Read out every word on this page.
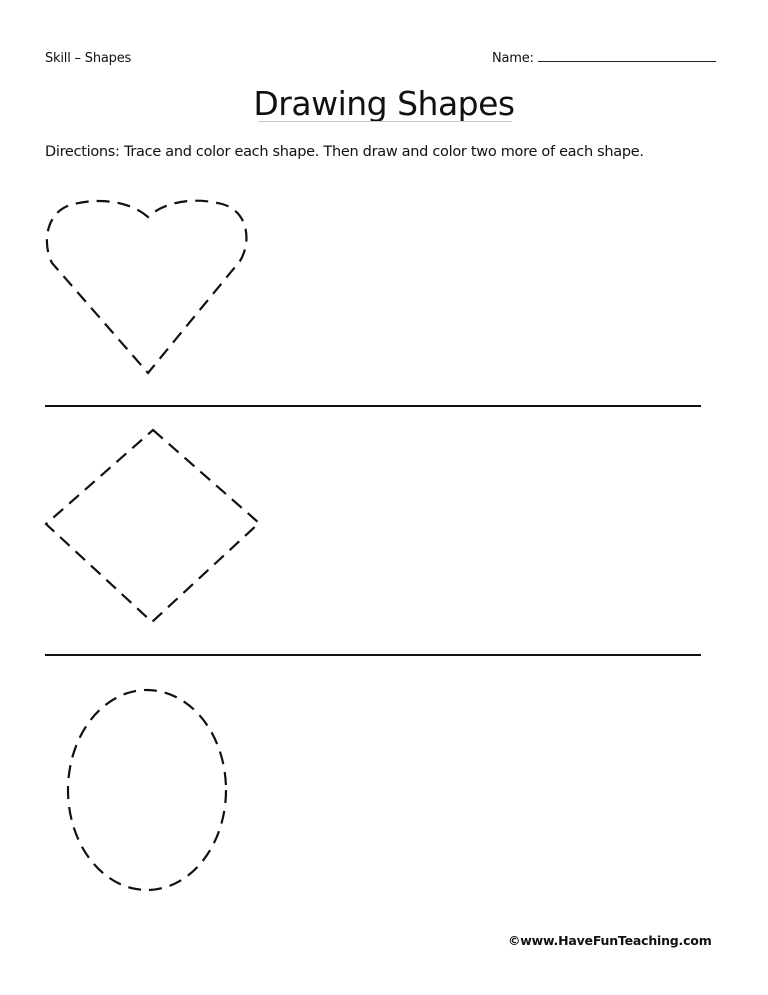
Skill – Shapes	Name:
Drawing Shapes
Directions: Trace and color each shape. Then draw and color two more of each shape.
©www.HaveFunTeaching.com
